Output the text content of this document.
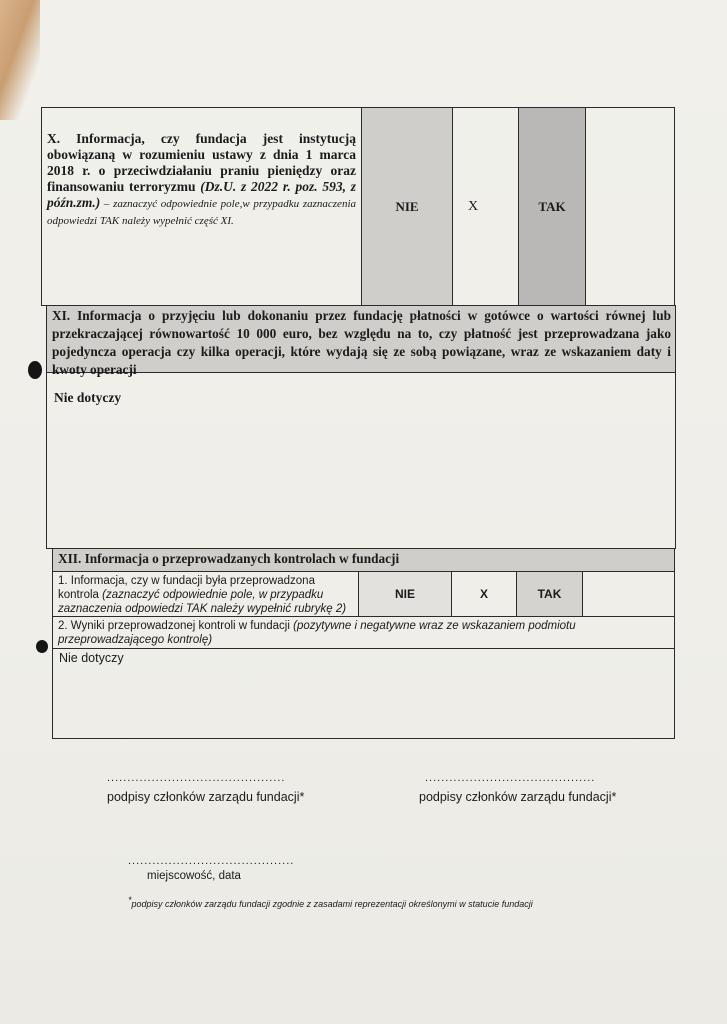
X. Informacja, czy fundacja jest instytucją obowiązaną w rozumieniu ustawy z dnia 1 marca 2018 r. o przeciwdziałaniu praniu pieniędzy oraz finansowaniu terroryzmu (Dz.U. z 2022 r. poz. 593, z późn.zm.) – zaznaczyć odpowiednie pole,w przypadku zaznaczenia odpowiedzi TAK należy wypełnić część XI.
NIE	X	TAK
XI. Informacja o przyjęciu lub dokonaniu przez fundację płatności w gotówce o wartości równej lub przekraczającej równowartość 10 000 euro, bez względu na to, czy płatność jest przeprowadzana jako pojedyncza operacja czy kilka operacji, które wydają się ze sobą powiązane, wraz ze wskazaniem daty i kwoty operacji
Nie dotyczy
XII. Informacja o przeprowadzanych kontrolach w fundacji
1. Informacja, czy w fundacji była przeprowadzona kontrola (zaznaczyć odpowiednie pole, w przypadku zaznaczenia odpowiedzi TAK należy wypełnić rubrykę 2)
NIE	X	TAK
2. Wyniki przeprowadzonej kontroli w fundacji (pozytywne i negatywne wraz ze wskazaniem podmiotu przeprowadzającego kontrolę)
Nie dotyczy
............................................
podpisy członków zarządu fundacji*
..........................................
podpisy członków zarządu fundacji*
.........................................
miejscowość, data
*podpisy członków zarządu fundacji zgodnie z zasadami reprezentacji określonymi w statucie fundacji
